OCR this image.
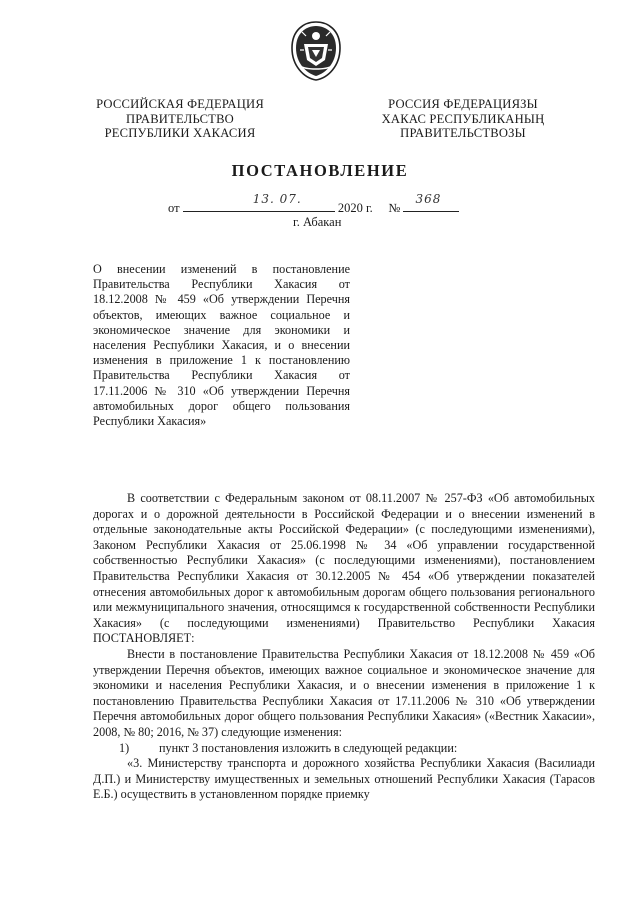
РОССИЙСКАЯ ФЕДЕРАЦИЯ
ПРАВИТЕЛЬСТВО
РЕСПУБЛИКИ ХАКАСИЯ
РОССИЯ ФЕДЕРАЦИЯЗЫ
ХАКАС РЕСПУБЛИКАНЫҢ
ПРАВИТЕЛЬСТВОЗЫ
ПОСТАНОВЛЕНИЕ
от
13. 07.
2020 г. №
368
г. Абакан
О внесении изменений в постановление Правительства Республики Хакасия от 18.12.2008 № 459 «Об утверждении Перечня объектов, имеющих важное социальное и экономическое значение для экономики и населения Республики Хакасия, и о внесении изменения в приложение 1 к постановлению Правительства Республики Хакасия от 17.11.2006 № 310 «Об утверждении Перечня автомобильных дорог общего пользования Республики Хакасия»

В соответствии с Федеральным законом от 08.11.2007 № 257-ФЗ «Об автомобильных дорогах и о дорожной деятельности в Российской Федерации и о внесении изменений в отдельные законодательные акты Российской Федерации» (с последующими изменениями), Законом Республики Хакасия от 25.06.1998 № 34 «Об управлении государственной собственностью Республики Хакасия» (с последующими изменениями), постановлением Правительства Республики Хакасия от 30.12.2005 № 454 «Об утверждении показателей отнесения автомобильных дорог к автомобильным дорогам общего пользования регионального или межмуниципального значения, относящимся к государственной собственности Республики Хакасия» (с последующими изменениями) Правительство Республики Хакасия ПОСТАНОВЛЯЕТ:

Внести в постановление Правительства Республики Хакасия от 18.12.2008 № 459 «Об утверждении Перечня объектов, имеющих важное социальное и экономическое значение для экономики и населения Республики Хакасия, и о внесении изменения в приложение 1 к постановлению Правительства Республики Хакасия от 17.11.2006 № 310 «Об утверждении Перечня автомобильных дорог общего пользования Республики Хакасия» («Вестник Хакасии», 2008, № 80; 2016, № 37) следующие изменения:

1) пункт 3 постановления изложить в следующей редакции:

«3. Министерству транспорта и дорожного хозяйства Республики Хакасия (Василиади Д.П.) и Министерству имущественных и земельных отношений Республики Хакасия (Тарасов Е.Б.) осуществить в установленном порядке приемку
